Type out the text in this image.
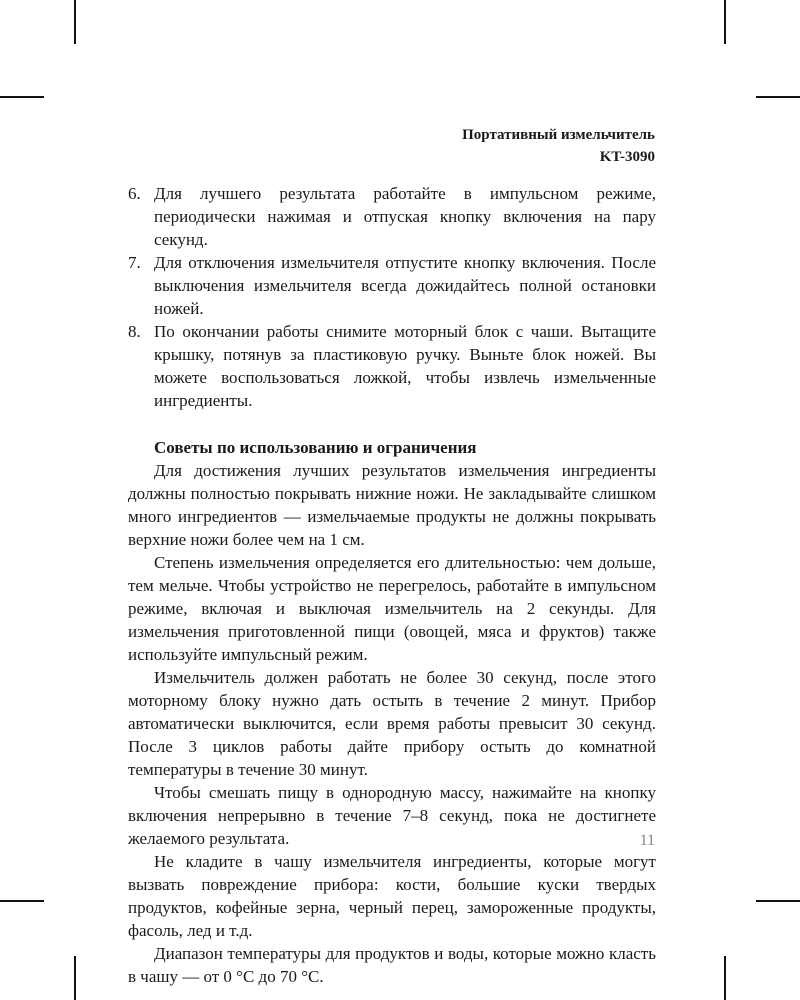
Портативный измельчитель
KT-3090
6. Для лучшего результата работайте в импульсном режиме, периодически нажимая и отпуская кнопку включения на пару секунд.
7. Для отключения измельчителя отпустите кнопку включения. После выключения измельчителя всегда дожидайтесь полной остановки ножей.
8. По окончании работы снимите моторный блок с чаши. Вытащите крышку, потянув за пластиковую ручку. Выньте блок ножей. Вы можете воспользоваться ложкой, чтобы извлечь измельченные ингредиенты.
Советы по использованию и ограничения

Для достижения лучших результатов измельчения ингредиенты должны полностью покрывать нижние ножи. Не закладывайте слишком много ингредиентов — измельчаемые продукты не должны покрывать верхние ножи более чем на 1 см.

Степень измельчения определяется его длительностью: чем дольше, тем мельче. Чтобы устройство не перегрелось, работайте в импульсном режиме, включая и выключая измельчитель на 2 секунды. Для измельчения приготовленной пищи (овощей, мяса и фруктов) также используйте импульсный режим.

Измельчитель должен работать не более 30 секунд, после этого моторному блоку нужно дать остыть в течение 2 минут. Прибор автоматически выключится, если время работы превысит 30 секунд. После 3 циклов работы дайте прибору остыть до комнатной температуры в течение 30 минут.

Чтобы смешать пищу в однородную массу, нажимайте на кнопку включения непрерывно в течение 7–8 секунд, пока не достигнете желаемого результата.

Не кладите в чашу измельчителя ингредиенты, которые могут вызвать повреждение прибора: кости, большие куски твердых продуктов, кофейные зерна, черный перец, замороженные продукты, фасоль, лед и т.д.

Диапазон температуры для продуктов и воды, которые можно класть в чашу — от 0 °С до 70 °С.

11
